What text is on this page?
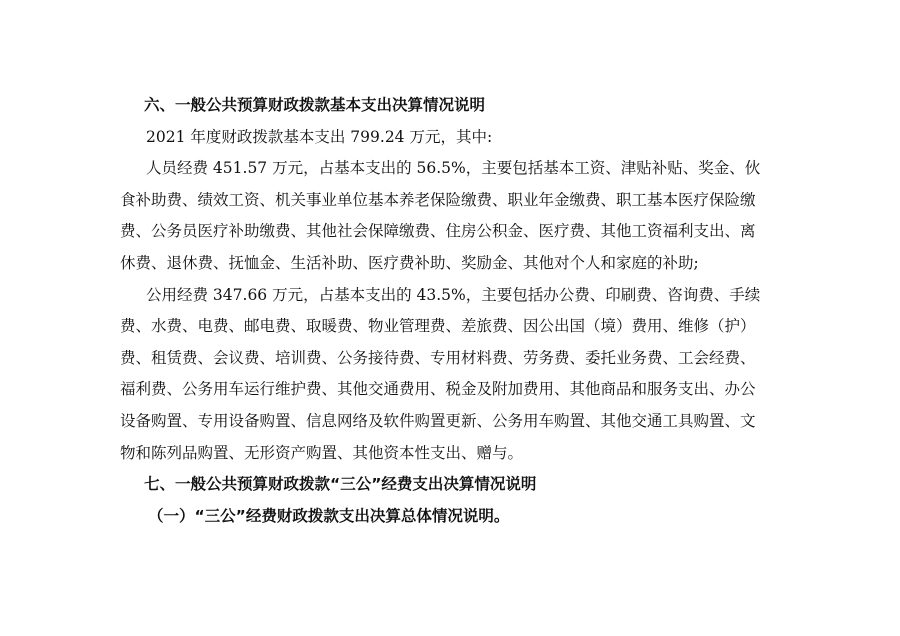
六、一般公共预算财政拨款基本支出决算情况说明

2021 年度财政拨款基本支出 799.24 万元，其中:

人员经费 451.57 万元，占基本支出的 56.5%，主要包括基本工资、津贴补贴、奖金、伙

食补助费、绩效工资、机关事业单位基本养老保险缴费、职业年金缴费、职工基本医疗保险缴

费、公务员医疗补助缴费、其他社会保障缴费、住房公积金、医疗费、其他工资福利支出、离

休费、退休费、抚恤金、生活补助、医疗费补助、奖励金、其他对个人和家庭的补助;

公用经费 347.66 万元，占基本支出的 43.5%，主要包括办公费、印刷费、咨询费、手续

费、水费、电费、邮电费、取暖费、物业管理费、差旅费、因公出国（境）费用、维修（护）

费、租赁费、会议费、培训费、公务接待费、专用材料费、劳务费、委托业务费、工会经费、

福利费、公务用车运行维护费、其他交通费用、税金及附加费用、其他商品和服务支出、办公

设备购置、专用设备购置、信息网络及软件购置更新、公务用车购置、其他交通工具购置、文

物和陈列品购置、无形资产购置、其他资本性支出、赠与。

七、一般公共预算财政拨款“三公”经费支出决算情况说明

（一）“三公”经费财政拨款支出决算总体情况说明。
